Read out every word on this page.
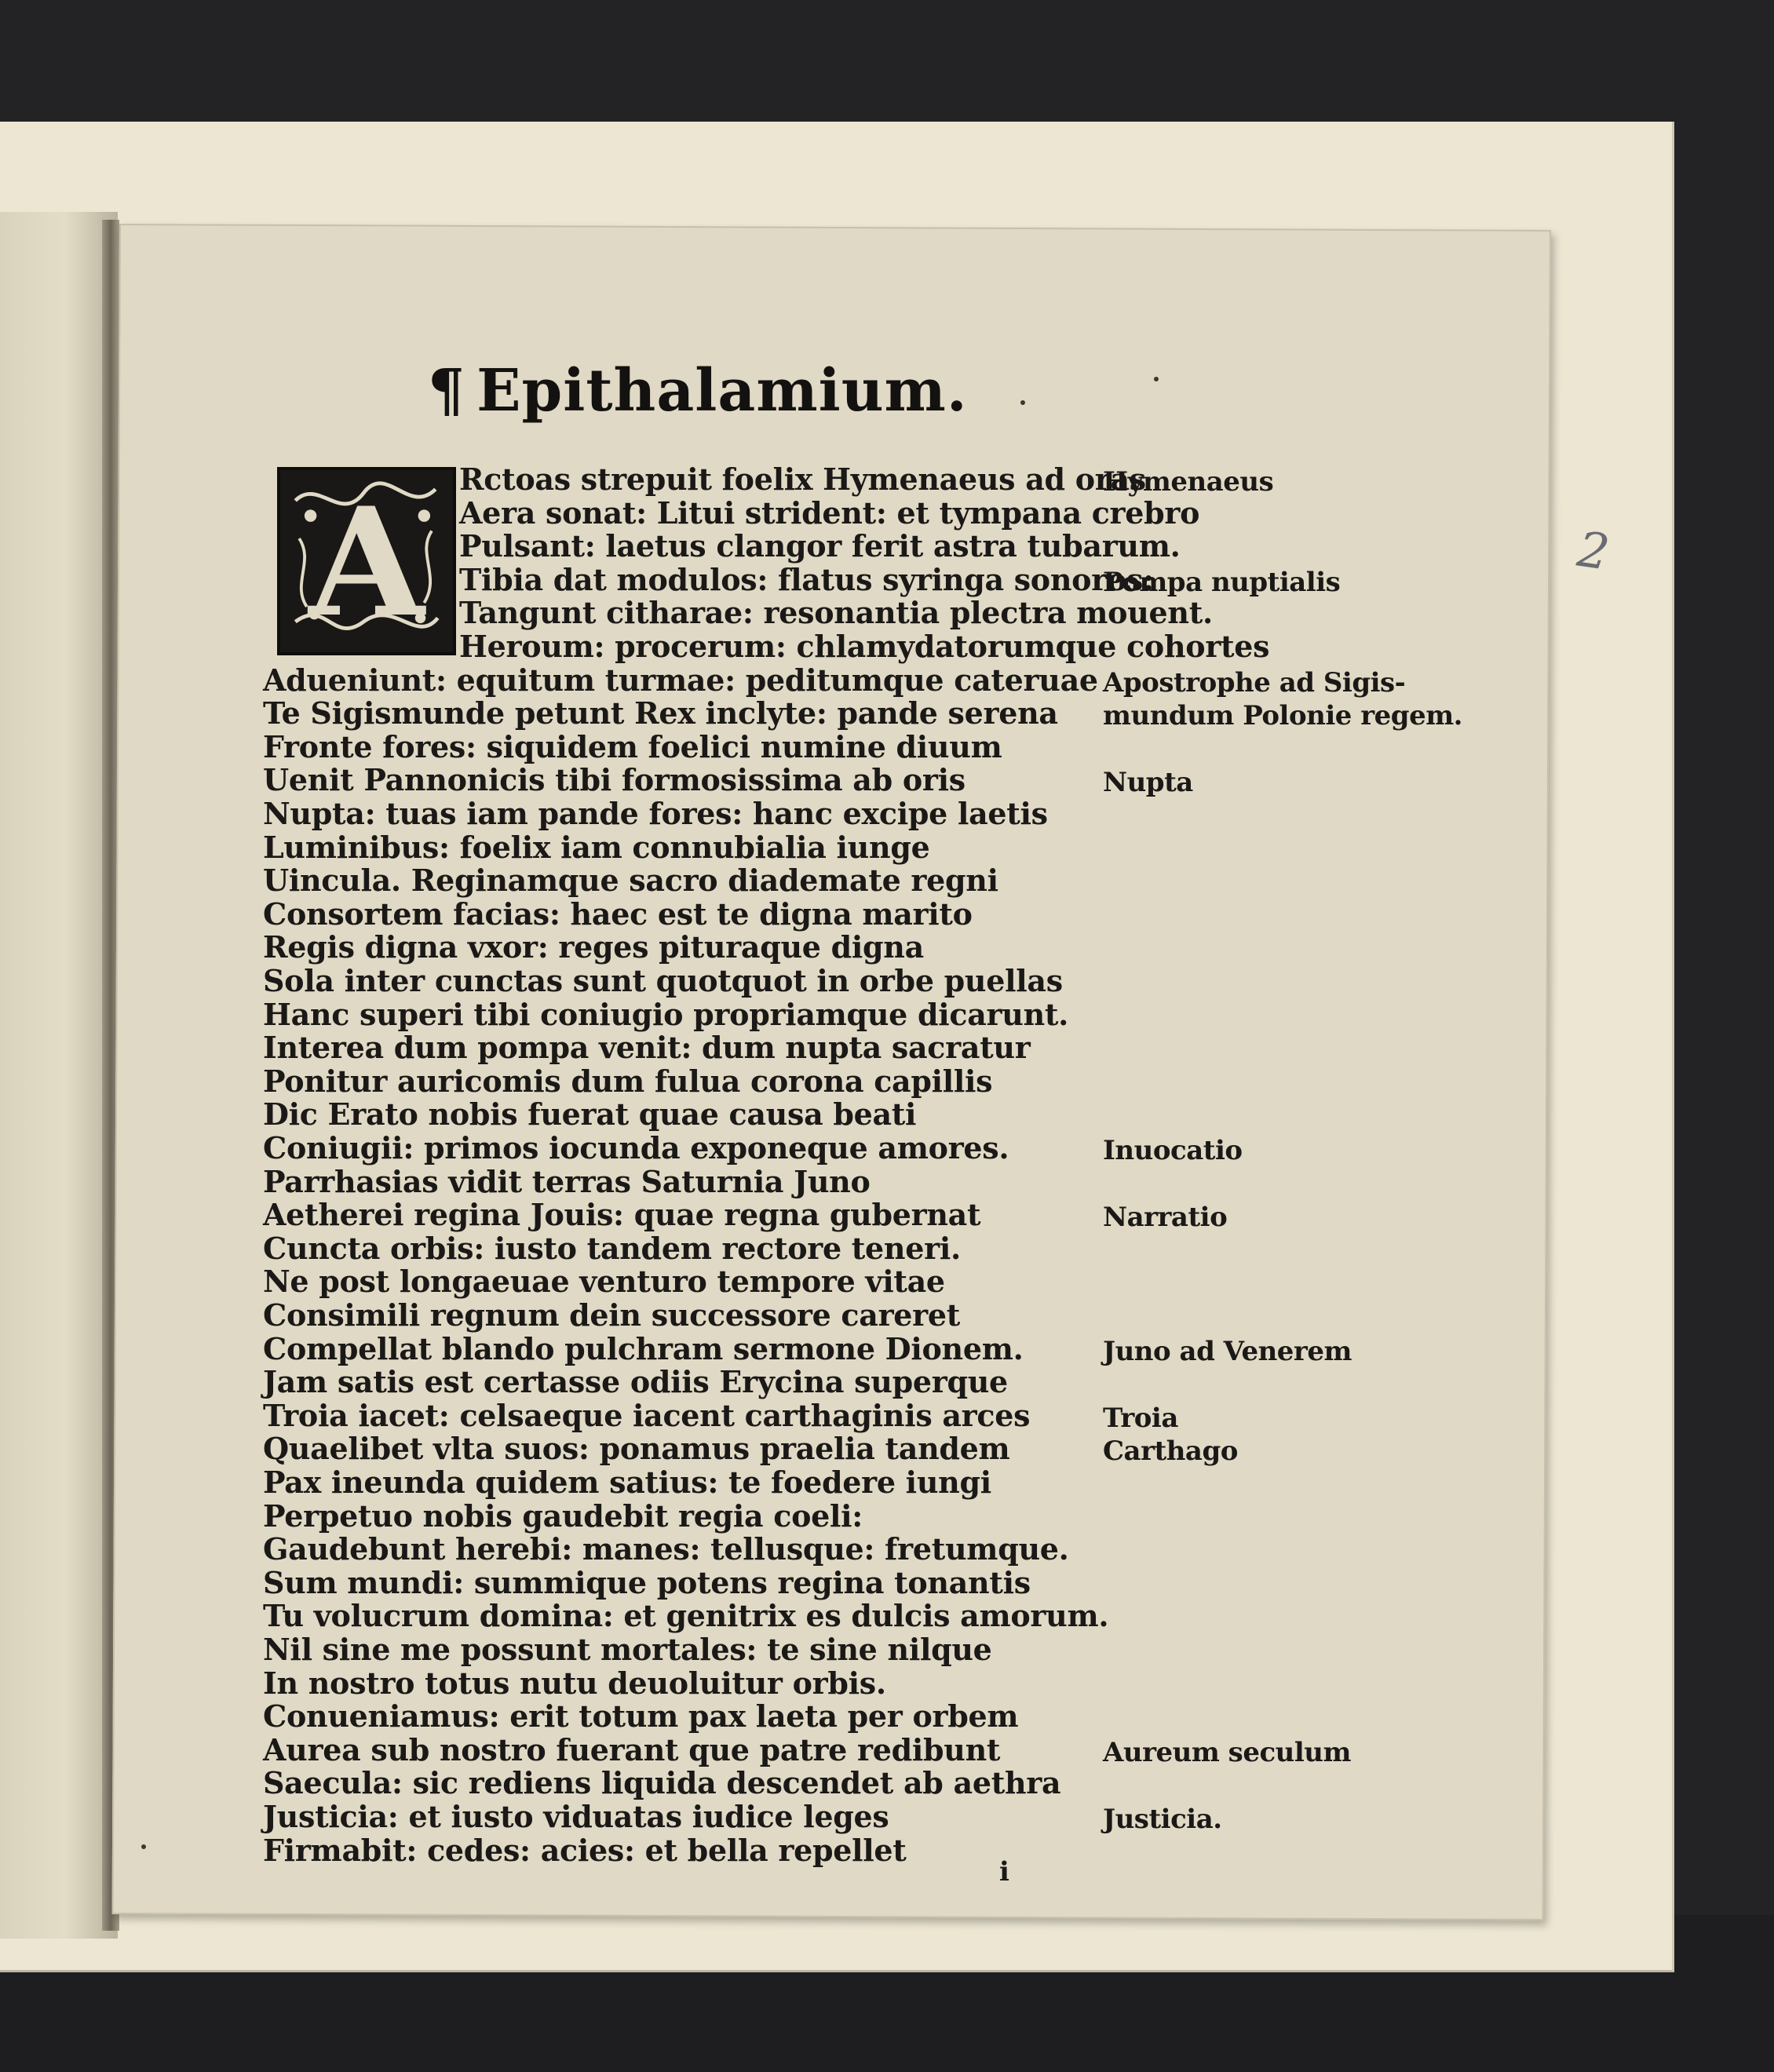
2
¶ Epithalamium.
A	Rctoas strepuit foelix Hymenaeus ad oras
Aera sonat: Litui strident: et tympana crebro
Pulsant: laetus clangor ferit astra tubarum.
Tibia dat modulos: flatus syringa sonoros:
Tangunt citharae: resonantia plectra mouent.
Heroum: procerum: chlamydatorumque cohortes
Adueniunt: equitum turmae: peditumque cateruae
Te Sigismunde petunt Rex inclyte: pande serena
Fronte fores: siquidem foelici numine diuum
Uenit Pannonicis tibi formosissima ab oris
Nupta: tuas iam pande fores: hanc excipe laetis
Luminibus: foelix iam connubialia iunge
Uincula. Reginamque sacro diademate regni
Consortem facias: haec est te digna marito
Regis digna vxor: reges pituraque digna
Sola inter cunctas sunt quotquot in orbe puellas
Hanc superi tibi coniugio propriamque dicarunt.
Interea dum pompa venit: dum nupta sacratur
Ponitur auricomis dum fulua corona capillis
Dic Erato nobis fuerat quae causa beati
Coniugii: primos iocunda exponeque amores.
Parrhasias vidit terras Saturnia Juno
Aetherei regina Jouis: quae regna gubernat
Cuncta orbis: iusto tandem rectore teneri.
Ne post longaeuae venturo tempore vitae
Consimili regnum dein successore careret
Compellat blando pulchram sermone Dionem.
Jam satis est certasse odiis Erycina superque
Troia iacet: celsaeque iacent carthaginis arces
Quaelibet vlta suos: ponamus praelia tandem
Pax ineunda quidem satius: te foedere iungi
Perpetuo nobis gaudebit regia coeli:
Gaudebunt herebi: manes: tellusque: fretumque.
Sum mundi: summique potens regina tonantis
Tu volucrum domina: et genitrix es dulcis amorum.
Nil sine me possunt mortales: te sine nilque
In nostro totus nutu deuoluitur orbis.
Conueniamus: erit totum pax laeta per orbem
Aurea sub nostro fuerant que patre redibunt
Saecula: sic rediens liquida descendet ab aethra
Justicia: et iusto viduatas iudice leges
Firmabit: cedes: acies: et bella repellet
Hymenaeus
Pompa nuptialis
Apostrophe ad Sigis-
mundum Polonie regem.
Nupta
Inuocatio
Narratio
Juno ad Venerem
Troia
Carthago
Aureum seculum
Justicia.
i
